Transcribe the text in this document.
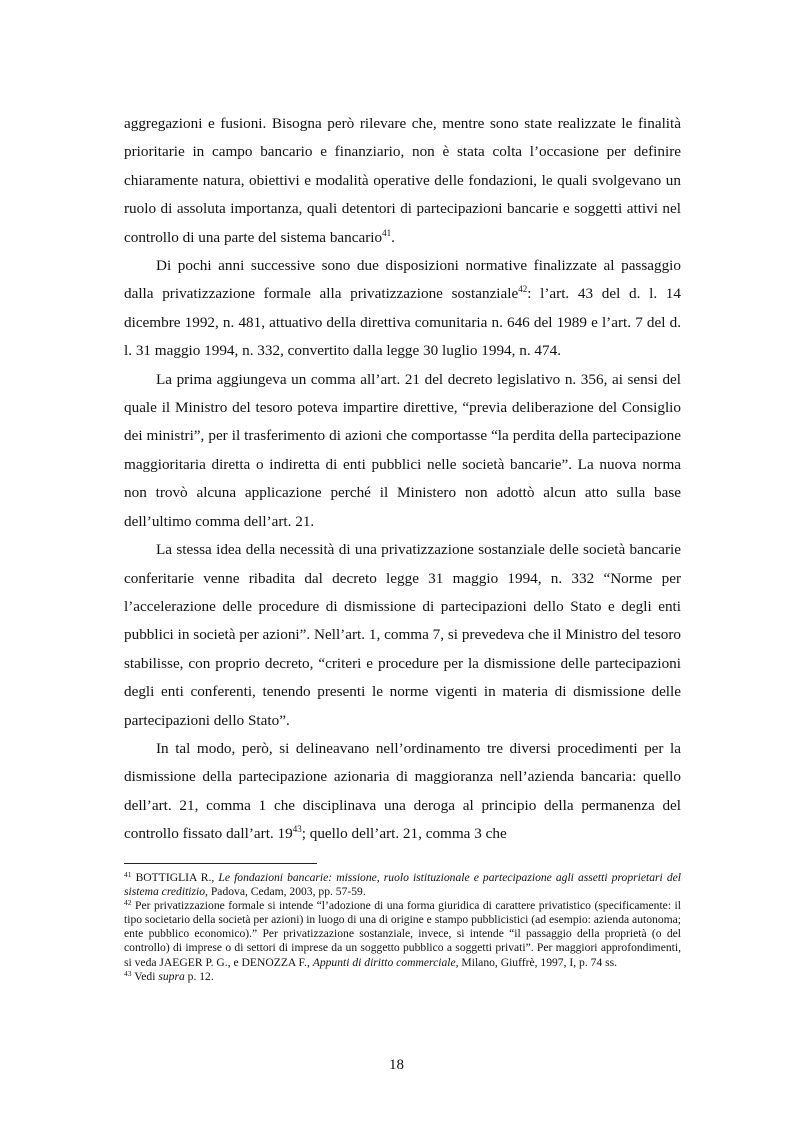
aggregazioni e fusioni. Bisogna però rilevare che, mentre sono state realizzate le finalità prioritarie in campo bancario e finanziario, non è stata colta l’occasione per definire chiaramente natura, obiettivi e modalità operative delle fondazioni, le quali svolgevano un ruolo di assoluta importanza, quali detentori di partecipazioni bancarie e soggetti attivi nel controllo di una parte del sistema bancario$^{41}$.

Di pochi anni successive sono due disposizioni normative finalizzate al passaggio dalla privatizzazione formale alla privatizzazione sostanziale$^{42}$: l’art. 43 del d. l. 14 dicembre 1992, n. 481, attuativo della direttiva comunitaria n. 646 del 1989 e l’art. 7 del d. l. 31 maggio 1994, n. 332, convertito dalla legge 30 luglio 1994, n. 474.

La prima aggiungeva un comma all’art. 21 del decreto legislativo n. 356, ai sensi del quale il Ministro del tesoro poteva impartire direttive, “previa deliberazione del Consiglio dei ministri”, per il trasferimento di azioni che comportasse “la perdita della partecipazione maggioritaria diretta o indiretta di enti pubblici nelle società bancarie”. La nuova norma non trovò alcuna applicazione perché il Ministero non adottò alcun atto sulla base dell’ultimo comma dell’art. 21.

La stessa idea della necessità di una privatizzazione sostanziale delle società bancarie conferitarie venne ribadita dal decreto legge 31 maggio 1994, n. 332 “Norme per l’accelerazione delle procedure di dismissione di partecipazioni dello Stato e degli enti pubblici in società per azioni”. Nell’art. 1, comma 7, si prevedeva che il Ministro del tesoro stabilisse, con proprio decreto, “criteri e procedure per la dismissione delle partecipazioni degli enti conferenti, tenendo presenti le norme vigenti in materia di dismissione delle partecipazioni dello Stato”.

In tal modo, però, si delineavano nell’ordinamento tre diversi procedimenti per la dismissione della partecipazione azionaria di maggioranza nell’azienda bancaria: quello dell’art. 21, comma 1 che disciplinava una deroga al principio della permanenza del controllo fissato dall’art. $19^{43}$; quello dell’art. 21, comma 3 che

$^{41}$ BOTTIGLIA R., Le fondazioni bancarie: missione, ruolo istituzionale e partecipazione agli assetti proprietari del sistema creditizio, Padova, Cedam, 2003, pp. 57-59.

$^{42}$ Per privatizzazione formale si intende “l’adozione di una forma giuridica di carattere privatistico (specificamente: il tipo societario della società per azioni) in luogo di una di origine e stampo pubblicistici (ad esempio: azienda autonoma; ente pubblico economico).” Per privatizzazione sostanziale, invece, si intende “il passaggio della proprietà (o del controllo) di imprese o di settori di imprese da un soggetto pubblico a soggetti privati”. Per maggiori approfondimenti, si veda JAEGER P. G., e DENOZZA F., Appunti di diritto commerciale, Milano, Giuffrè, 1997, I, p. 74 ss.

$^{43}$ Vedi supra p. 12.

18
